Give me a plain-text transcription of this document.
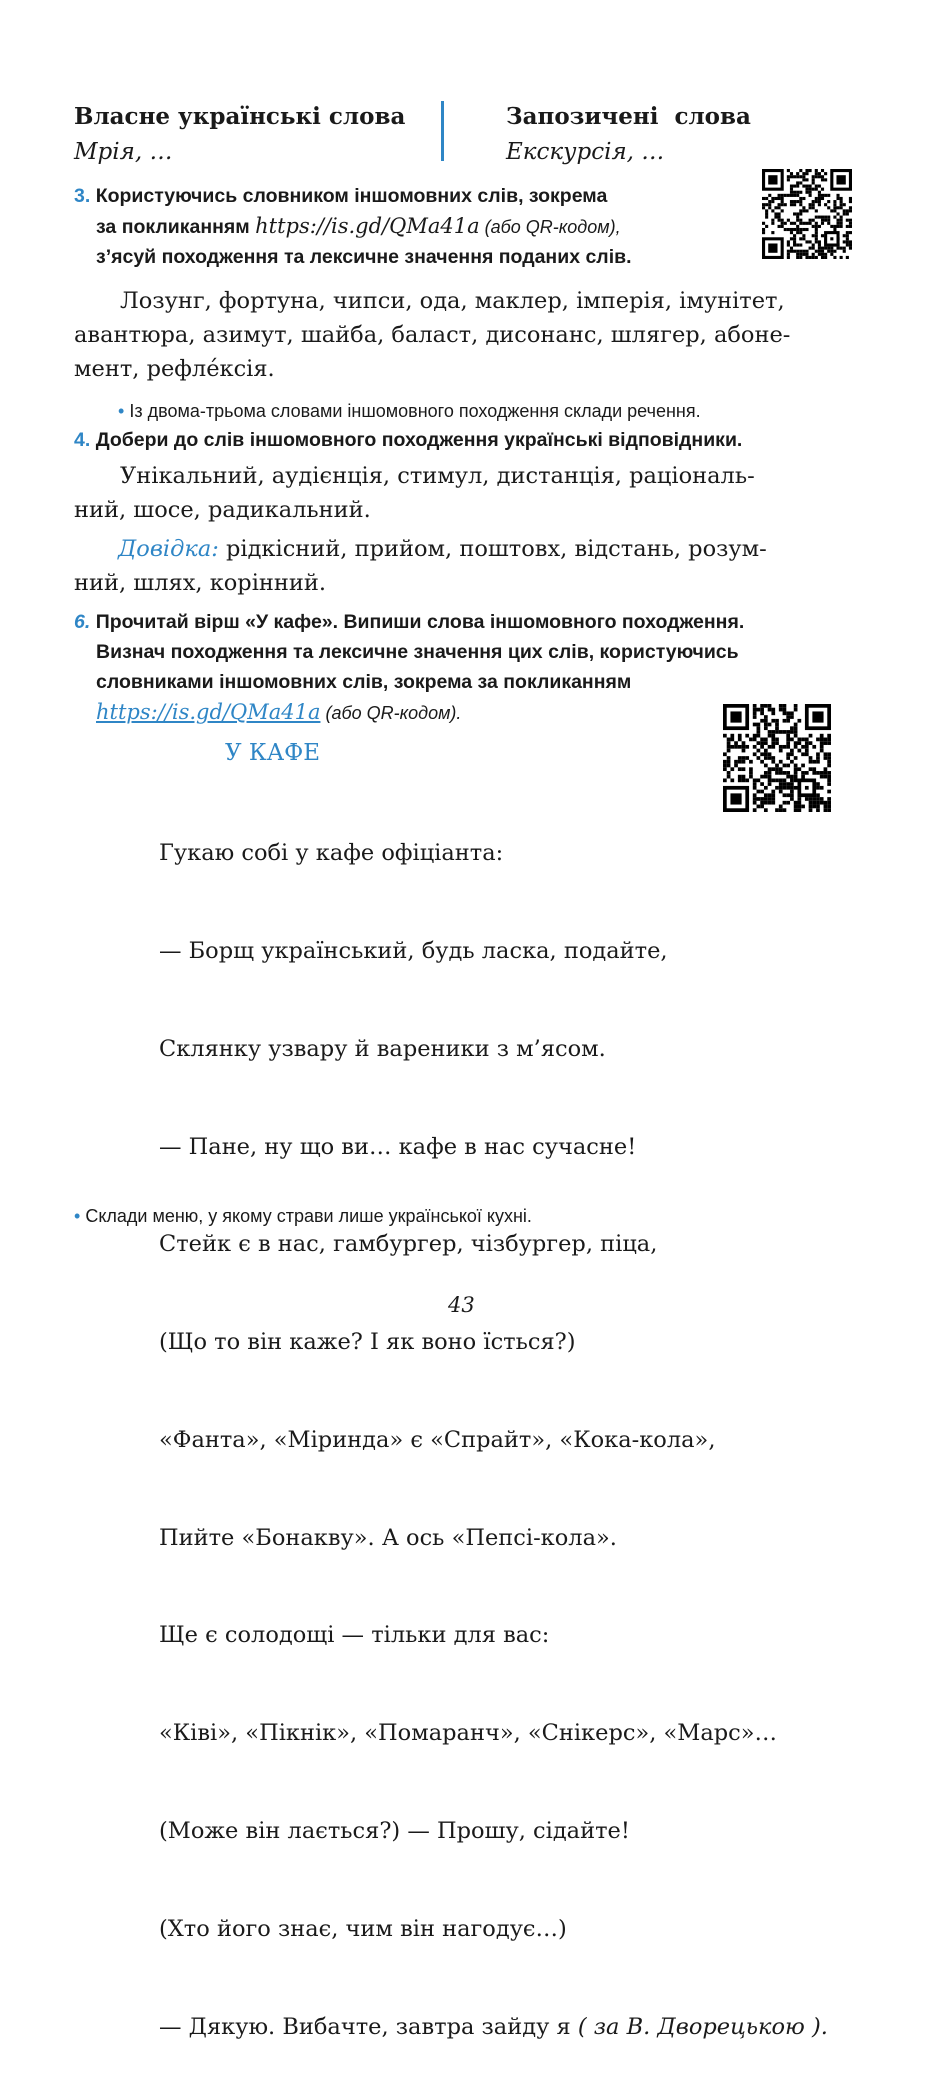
Власне українські слова
Мрія, …
Запозичені  слова
Екскурсія, …
3. Користуючись словником іншомовних слів, зокрема
за покликанням https://is.gd/QMa41a (або QR-кодом),
з’ясуй походження та лексичне значення поданих слів.
Лозунг, фортуна, чипси, ода, маклер, імперія, імунітет,
авантюра, азимут, шайба, баласт, дисонанс, шлягер, абоне-
мент, рефле́ксія.
• Із двома-трьома словами іншомовного походження склади речення.
4. Добери до слів іншомовного походження українські відповідники.
Унікальний, аудієнція, стимул, дистанція, раціональ-
ний, шосе, радикальний.
Довідка: рідкісний, прийом, поштовх, відстань, розум-
ний, шлях, корінний.
6. Прочитай вірш «У кафе». Випиши слова іншомовного походження.
Визнач походження та лексичне значення цих слів, користуючись
словниками іншомовних слів, зокрема за покликанням
https://is.gd/QMa41a (або QR-кодом).
У КАФЕ

Гукаю собі у кафе офіціанта:

— Борщ український, будь ласка, подайте,

Склянку узвару й вареники з м’ясом.

— Пане, ну що ви… кафе в нас сучасне!

Стейк є в нас, гамбургер, чізбургер, піца,

(Що то він каже? І як воно їсться?)

«Фанта», «Міринда» є «Спрайт», «Кока-кола»,

Пийте «Бонакву». А ось «Пепсі-кола».

Ще є солодощі — тільки для вас:

«Ківі», «Пікнік», «Помаранч», «Снікерс», «Марс»…

(Може він лається?) — Прошу, сідайте!

(Хто його знає, чим він нагодує…)

— Дякую. Вибачте, завтра зайду я ( за В. Дворецькою ).

• Склади меню, у якому страви лише української кухні.
43
